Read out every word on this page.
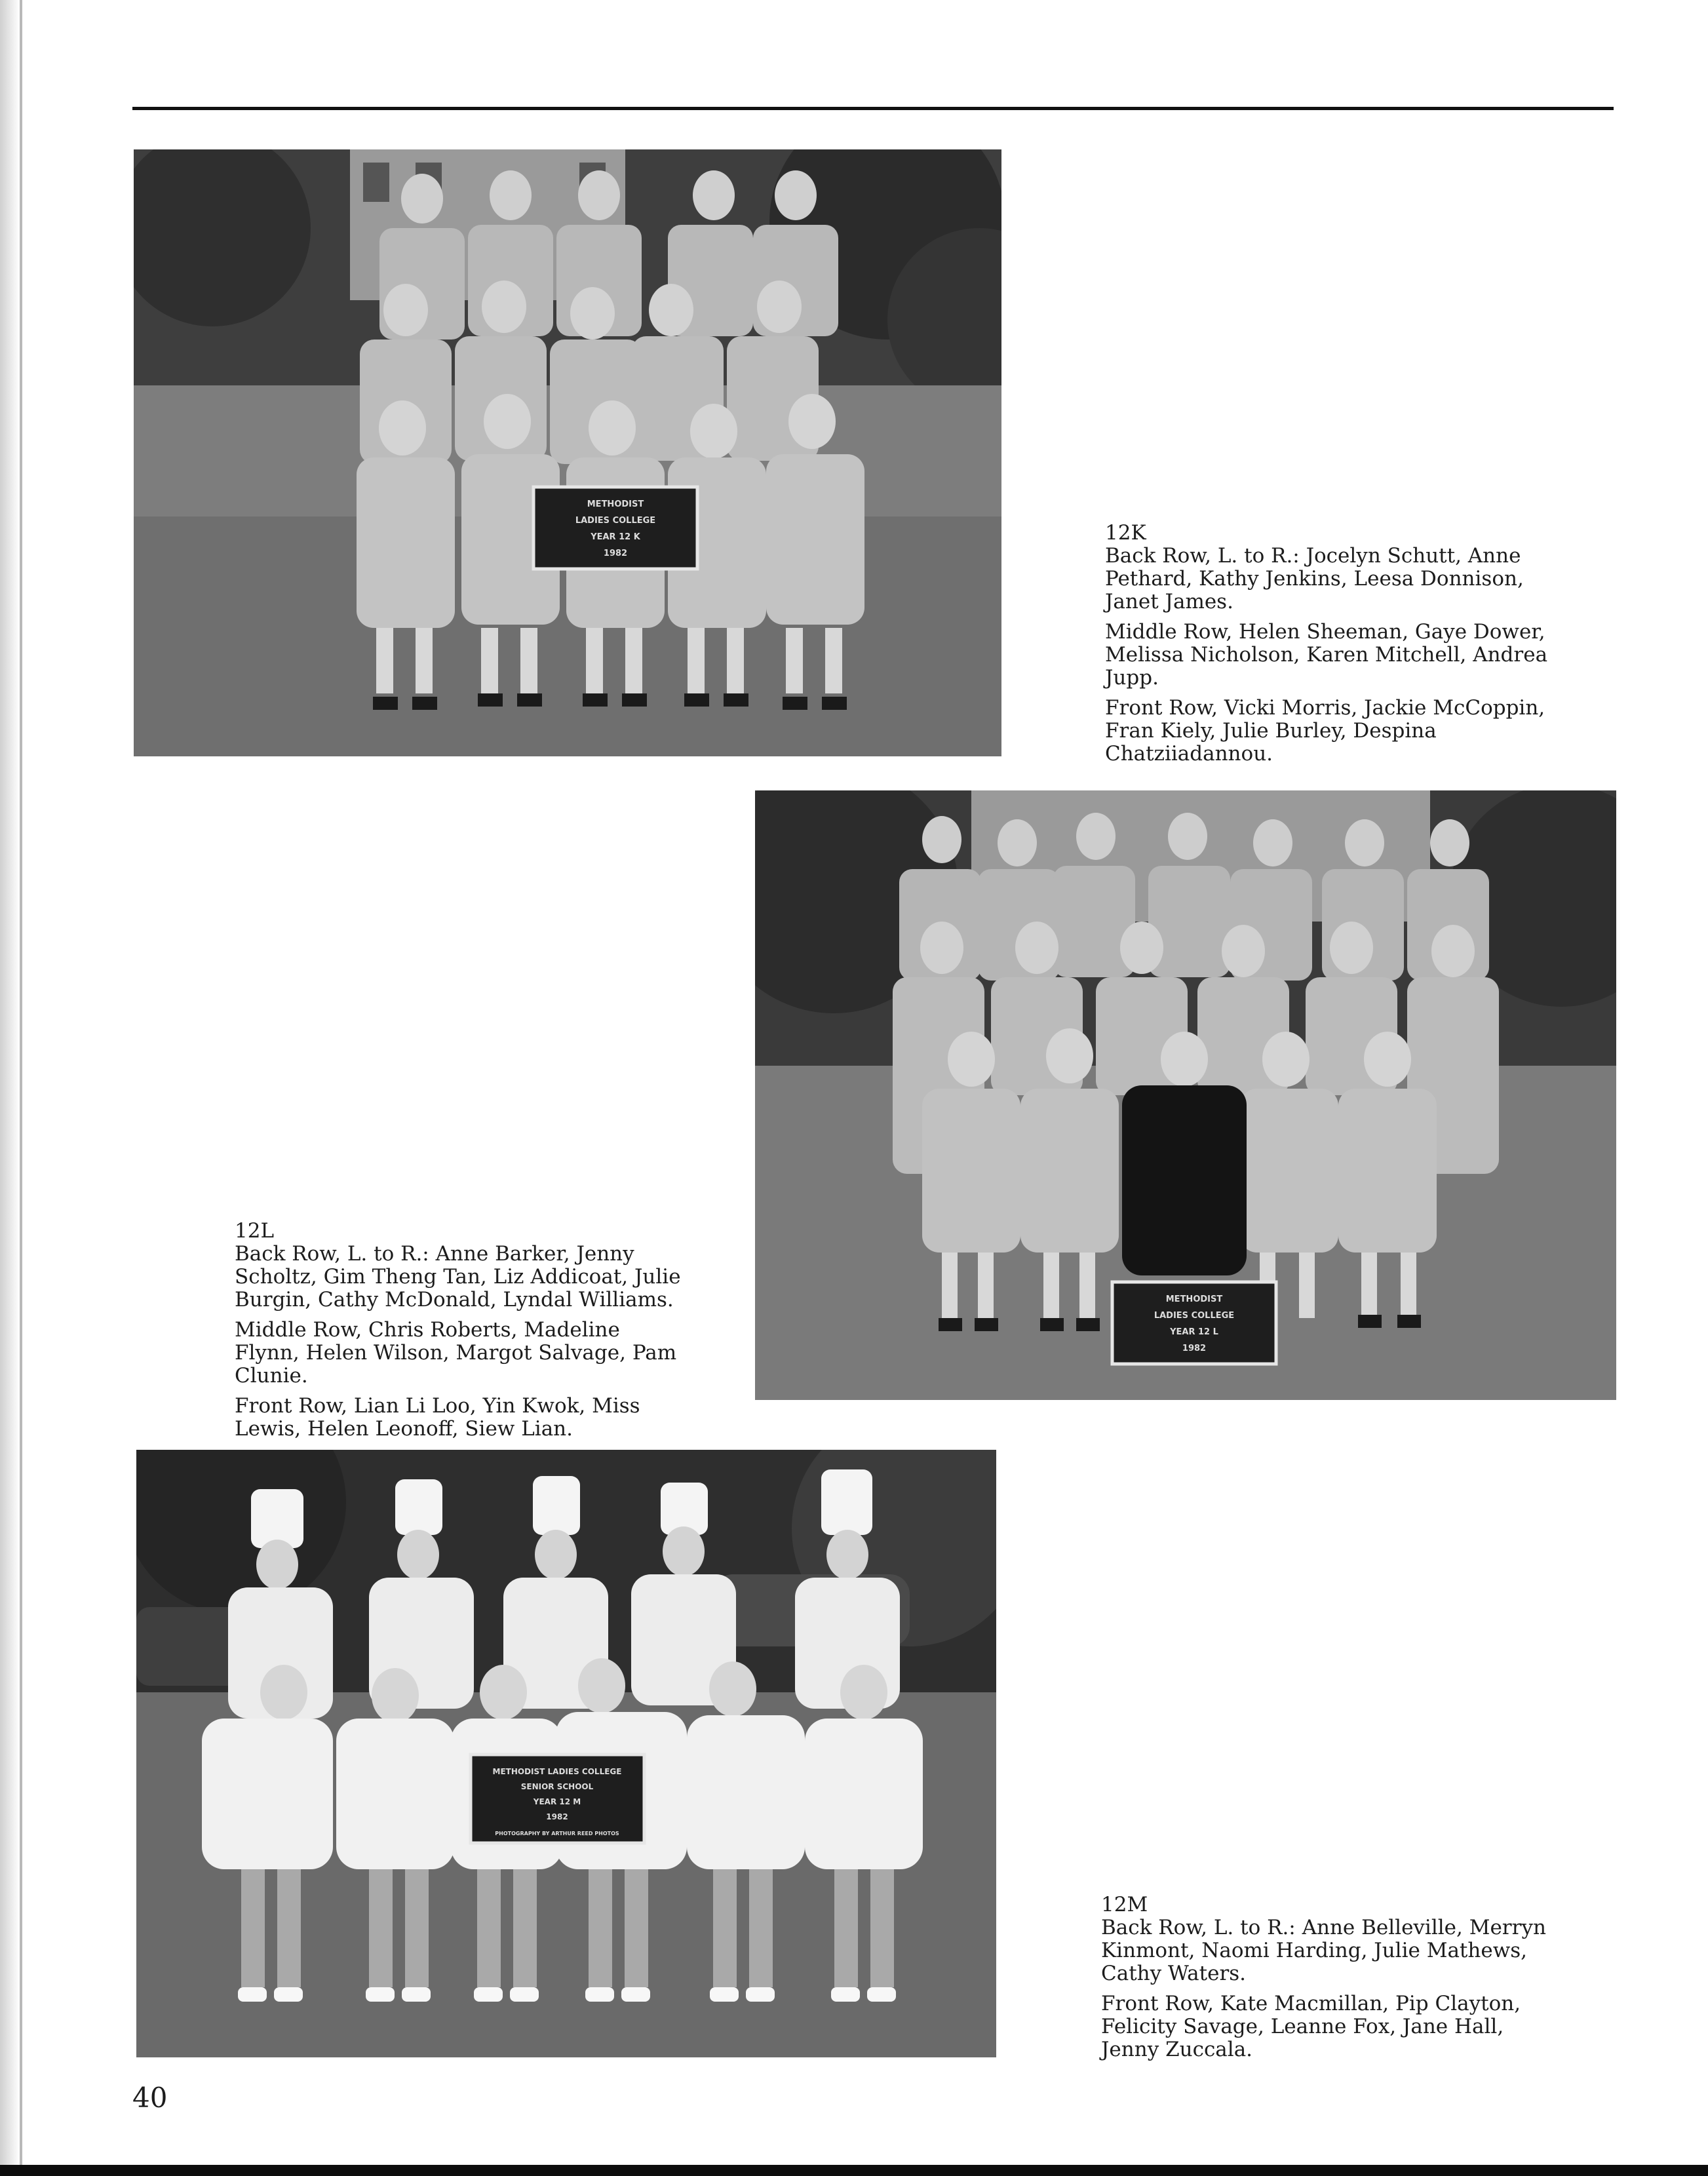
METHODIST
LADIES COLLEGE
YEAR 12 K
1982

12K

Back Row, L. to R.: Jocelyn Schutt, Anne Pethard, Kathy Jenkins, Leesa Donnison, Janet James.

Middle Row, Helen Sheeman, Gaye Dower, Melissa Nicholson, Karen Mitchell, Andrea Jupp.

Front Row, Vicki Morris, Jackie McCoppin, Fran Kiely, Julie Burley, Despina Chatziiadannou.

METHODIST
LADIES COLLEGE
YEAR 12 L
1982

12L

Back Row, L. to R.: Anne Barker, Jenny Scholtz, Gim Theng Tan, Liz Addicoat, Julie Burgin, Cathy McDonald, Lyndal Williams.

Middle Row, Chris Roberts, Madeline Flynn, Helen Wilson, Margot Salvage, Pam Clunie.

Front Row, Lian Li Loo, Yin Kwok, Miss Lewis, Helen Leonoff, Siew Lian.

METHODIST LADIES COLLEGE
SENIOR SCHOOL
YEAR 12 M
1982
PHOTOGRAPHY BY ARTHUR REED PHOTOS

12M

Back Row, L. to R.: Anne Belleville, Merryn Kinmont, Naomi Harding, Julie Mathews, Cathy Waters.

Front Row, Kate Macmillan, Pip Clayton, Felicity Savage, Leanne Fox, Jane Hall, Jenny Zuccala.

40
